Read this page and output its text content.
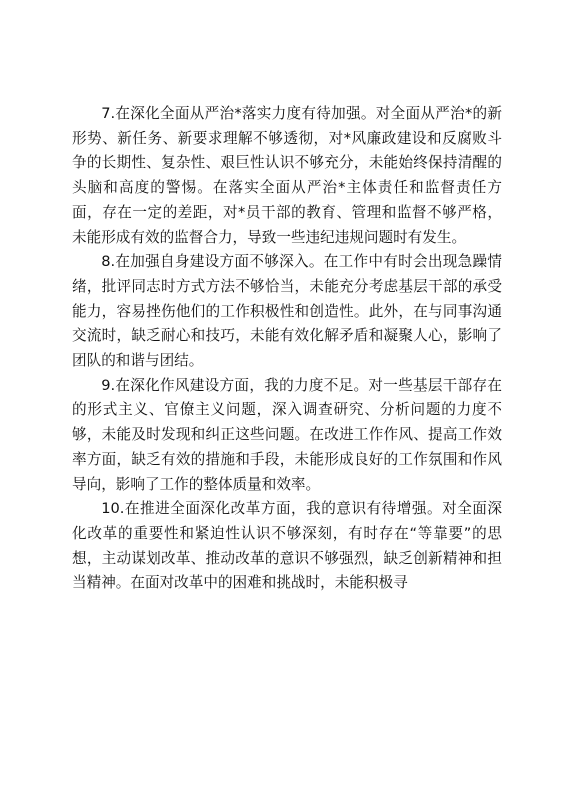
7.在深化全面从严治*落实力度有待加强。对全面从严治*的新形势、新任务、新要求理解不够透彻，对*风廉政建设和反腐败斗争的长期性、复杂性、艰巨性认识不够充分，未能始终保持清醒的头脑和高度的警惕。在落实全面从严治*主体责任和监督责任方面，存在一定的差距，对*员干部的教育、管理和监督不够严格，未能形成有效的监督合力，导致一些违纪违规问题时有发生。

8.在加强自身建设方面不够深入。在工作中有时会出现急躁情绪，批评同志时方式方法不够恰当，未能充分考虑基层干部的承受能力，容易挫伤他们的工作积极性和创造性。此外，在与同事沟通交流时，缺乏耐心和技巧，未能有效化解矛盾和凝聚人心，影响了团队的和谐与团结。

9.在深化作风建设方面，我的力度不足。对一些基层干部存在的形式主义、官僚主义问题，深入调查研究、分析问题的力度不够，未能及时发现和纠正这些问题。在改进工作作风、提高工作效率方面，缺乏有效的措施和手段，未能形成良好的工作氛围和作风导向，影响了工作的整体质量和效率。

10.在推进全面深化改革方面，我的意识有待增强。对全面深化改革的重要性和紧迫性认识不够深刻，有时存在“等靠要”的思想，主动谋划改革、推动改革的意识不够强烈，缺乏创新精神和担当精神。在面对改革中的困难和挑战时，未能积极寻
